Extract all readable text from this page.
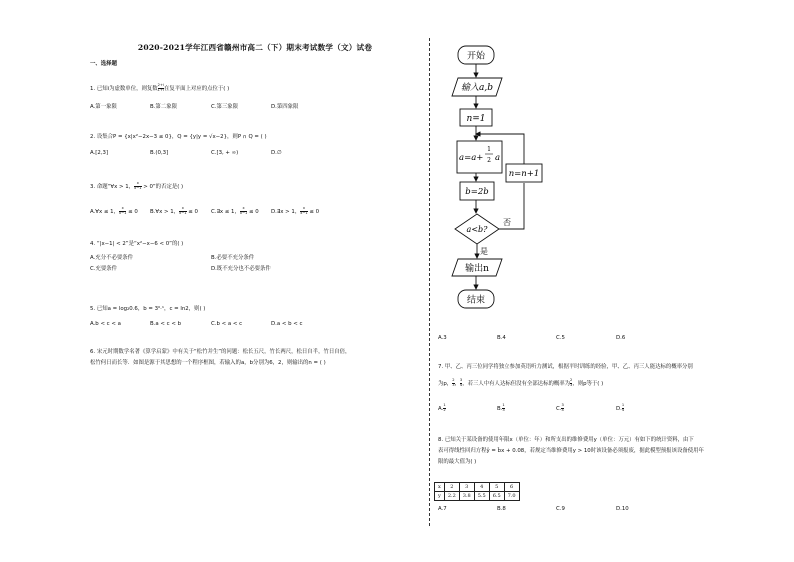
2020-2021学年江西省赣州市高二（下）期末考试数学（文）试卷
一、选择题
1. 已知i为虚数单位，则复数 $\frac{2+i}{1+i}$ 在复平面上对应的点位于( )
A.第一象限	B.第二象限	C.第三象限	D.第四象限
2. 设集合P = {x|x²−2x−3 ≤ 0}，Q = {y|y = √x−2}，则P ∩ Q = ( )
A.[2,3]	B.(0,3]	C.[3, + ∞)	D.∅
3. 命题“∀x > 1， $\frac{x}{x-1} > 0$”的否定是( )
A.∀x ≤ 1， $\frac{x}{x-1} \le 0$ B.∀x > 1， $\frac{x}{x-1} \le 0$ C.∃x ≤ 1， $\frac{x}{x-1} \le 0$ D.∃x > 1， $\frac{x}{x-1} \le 0$
4. “|x−1| < 2”是“x²−x−6 < 0”的( )
A.充分不必要条件	B.必要不充分条件
C.充要条件	D.既不充分也不必要条件
5. 已知a = log₂0.6，b = 3⁰·¹，c = ln2，则( )
A.b < c < a	B.a < c < b	C.b < a < c	D.a < b < c
6. 宋元时期数学名著《算学启蒙》中有关于“松竹并生”的问题：松长五尺，竹长两尺，松日自半，竹日自倍，
松竹何日而长等．如图是源于其思想的一个程序框图，若输入的a，b分别为6，2，则输出的n = ( )
开始
输入a,b
n=1
a=a+
1
2 a
n=n+1
b=2b
a<b?
否
是
输出n
结束
A.3	B.4	C.5	D.6
7. 甲、乙、丙三位同学将独立参加英语听力测试，根据平时训练的经验，甲、乙、丙三人能达标的概率分别
为p， $\frac{2}{3}$ ， $\frac{3}{4}$ ，若三人中有人达标但没有全部达标的概率为 $\frac{2}{3}$ ，则p等于( )
A. $\frac{1}{2}$	B. $\frac{1}{3}$	C. $\frac{3}{4}$	D. $\frac{1}{4}$
8. 已知关于某设备的使用年限x（单位：年）和所支出的维修费用y（单位：万元）有如下的统计资料，由下
表可得线性回归方程ŷ = b̂x + 0.08，若规定当维修费用y > 10时该设备必须报废，据此模型预报该设备使用年
限的最大值为( )
x	2	3	4	5	6
y	2.2	3.8	5.5	6.5	7.0
A.7	B.8	C.9	D.10
